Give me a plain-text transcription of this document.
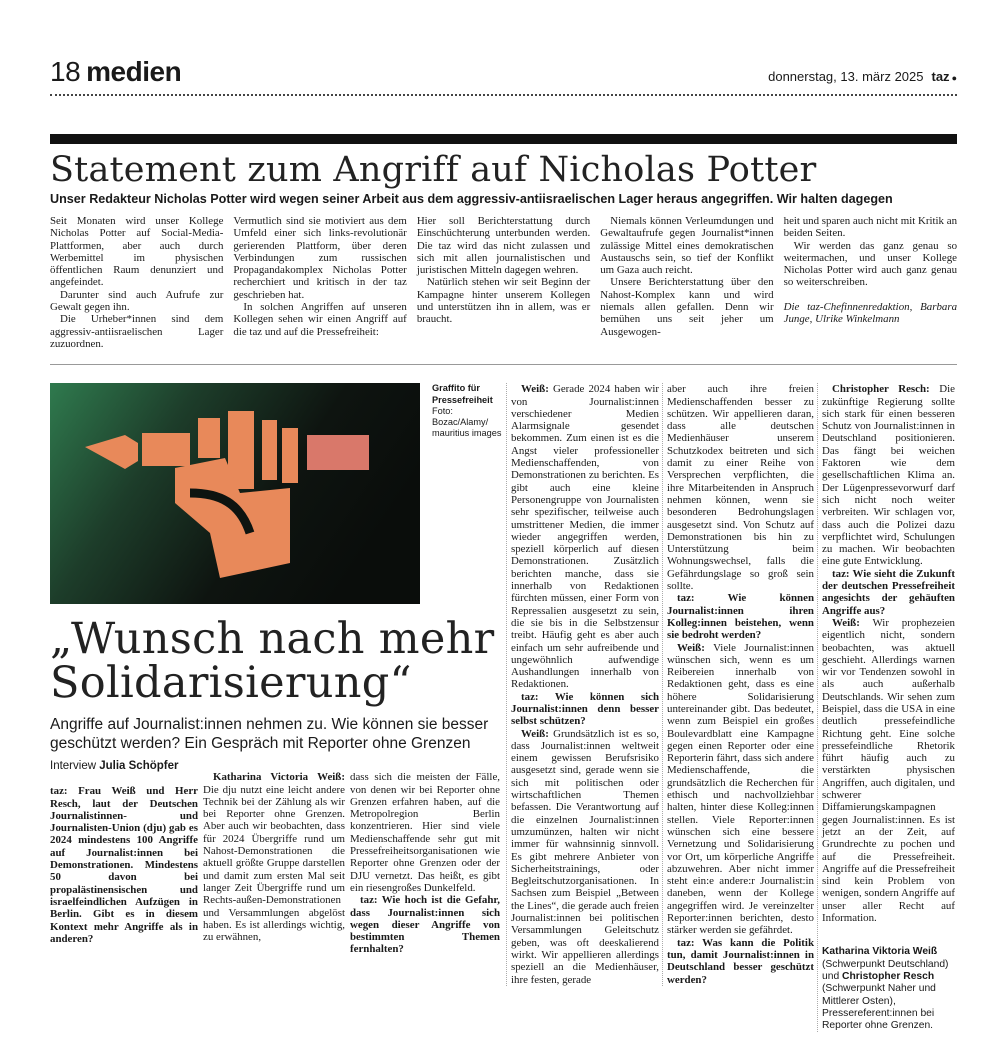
18 medien	donnerstag, 13. märz 2025 taz ●
Statement zum Angriff auf Nicholas Potter
Unser Redakteur Nicholas Potter wird wegen seiner Arbeit aus dem aggressiv-antiisraelischen Lager heraus angegriffen. Wir halten dagegen

Seit Monaten wird unser Kollege Nicholas Potter auf Social-Media-Plattformen, aber auch durch Werbemittel im physischen öffentlichen Raum denunziert und angefeindet.

Darunter sind auch Aufrufe zur Gewalt gegen ihn.

Die Urheber*innen sind dem aggressiv-antiisraelischen Lager zuzuordnen.

Vermutlich sind sie motiviert aus dem Umfeld einer sich links-revolutionär gerierenden Plattform, über deren Verbindungen zum russischen Propagandakomplex Nicholas Potter recherchiert und kritisch in der taz geschrieben hat.

In solchen Angriffen auf unseren Kollegen sehen wir einen Angriff auf die taz und auf die Pressefreiheit:

Hier soll Berichterstattung durch Einschüchterung unterbunden werden. Die taz wird das nicht zulassen und sich mit allen journalistischen und juristischen Mitteln dagegen wehren.

Natürlich stehen wir seit Beginn der Kampagne hinter unserem Kollegen und unterstützen ihn in allem, was er braucht.

Niemals können Verleumdungen und Gewaltaufrufe gegen Journalist*innen zulässige Mittel eines demokratischen Austauschs sein, so tief der Konflikt um Gaza auch reicht.

Unsere Berichterstattung über den Nahost-Komplex kann und wird niemals allen gefallen. Denn wir bemühen uns seit jeher um Ausgewogen-

heit und sparen auch nicht mit Kritik an beiden Seiten.

Wir werden das ganz genau so weitermachen, und unser Kollege Nicholas Potter wird auch ganz genau so weiterschreiben.

Die taz-Chefinnenredaktion, Barbara Junge, Ulrike Winkelmann

Graffito für Pressefreiheit
Foto: Bozac/Alamy/ mauritius images
„Wunsch nach mehr Solidarisierung“
Angriffe auf Journalist:innen nehmen zu. Wie können sie besser geschützt werden? Ein Gespräch mit Reporter ohne Grenzen
Interview Julia Schöpfer

taz: Frau Weiß und Herr Resch, laut der Deutschen Journalistinnen- und Journalisten-Union (dju) gab es 2024 mindestens 100 Angriffe auf Journalist:innen bei Demonstrationen. Mindestens 50 davon bei propalästinensischen und israelfeindlichen Aufzügen in Berlin. Gibt es in diesem Kontext mehr Angriffe als in anderen?

Katharina Victoria Weiß: Die dju nutzt eine leicht andere Technik bei der Zählung als wir bei Reporter ohne Grenzen. Aber auch wir beobachten, dass für 2024 Übergriffe rund um Nahost-Demonstrationen die aktuell größte Gruppe darstellen und damit zum ersten Mal seit langer Zeit Übergriffe rund um Rechts-außen-Demonstrationen und Versammlungen abgelöst haben. Es ist allerdings wichtig, zu erwähnen,

dass sich die meisten der Fälle, von denen wir bei Reporter ohne Grenzen erfahren haben, auf die Metropolregion Berlin konzentrieren. Hier sind viele Medienschaffende sehr gut mit Pressefreiheitsorganisationen wie Reporter ohne Grenzen oder der DJU vernetzt. Das heißt, es gibt ein riesengroßes Dunkelfeld.

taz: Wie hoch ist die Gefahr, dass Journalist:innen sich wegen dieser Angriffe von bestimmten Themen fernhalten?

Weiß: Gerade 2024 haben wir von Journalist:innen verschiedener Medien Alarmsignale gesendet bekommen. Zum einen ist es die Angst vieler professioneller Medienschaffenden, von Demonstrationen zu berichten. Es gibt auch eine kleine Personengruppe von Journalisten sehr spezifischer, teilweise auch umstrittener Medien, die immer wieder angegriffen werden, speziell körperlich auf diesen Demonstrationen. Zusätzlich berichten manche, dass sie innerhalb von Redaktionen fürchten müssen, einer Form von Repressalien ausgesetzt zu sein, die sie bis in die Selbstzensur treibt. Häufig geht es aber auch einfach um sehr aufreibende und ungewöhnlich aufwendige Aushandlungen innerhalb von Redaktionen.

taz: Wie können sich Journalist:innen denn besser selbst schützen?

Weiß: Grundsätzlich ist es so, dass Journalist:innen weltweit einem gewissen Berufsrisiko ausgesetzt sind, gerade wenn sie sich mit politischen oder wirtschaftlichen Themen befassen. Die Verantwortung auf die einzelnen Journalist:innen umzumünzen, halten wir nicht immer für wahnsinnig sinnvoll. Es gibt mehrere Anbieter von Sicherheitstrainings, oder Begleitschutzorganisationen. In Sachsen zum Beispiel „Between the Lines“, die gerade auch freien Journalist:innen bei politischen Versammlungen Geleitschutz geben, was oft deeskalierend wirkt. Wir appellieren allerdings speziell an die Medienhäuser, ihre festen, gerade

aber auch ihre freien Medienschaffenden besser zu schützen. Wir appellieren daran, dass alle deutschen Medienhäuser unserem Schutzkodex beitreten und sich damit zu einer Reihe von Versprechen verpflichten, die ihre Mitarbeitenden in Anspruch nehmen können, wenn sie besonderen Bedrohungslagen ausgesetzt sind. Von Schutz auf Demonstrationen bis hin zu Unterstützung beim Wohnungswechsel, falls die Gefährdungslage so groß sein sollte.

taz: Wie können Journalist:innen ihren Kolleg:innen beistehen, wenn sie bedroht werden?

Weiß: Viele Journalist:innen wünschen sich, wenn es um Reibereien innerhalb von Redaktionen geht, dass es eine höhere Solidarisierung untereinander gibt. Das bedeutet, wenn zum Beispiel ein großes Boulevardblatt eine Kampagne gegen einen Reporter oder eine Reporterin fährt, dass sich andere Medienschaffende, die grundsätzlich die Recherchen für ethisch und nachvollziehbar halten, hinter diese Kolleg:innen stellen. Viele Reporter:innen wünschen sich eine bessere Vernetzung und Solidarisierung vor Ort, um körperliche Angriffe abzuwehren. Aber nicht immer steht ein:e andere:r Journalist:in daneben, wenn der Kollege angegriffen wird. Je vereinzelter Reporter:innen berichten, desto stärker werden sie gefährdet.

taz: Was kann die Politik tun, damit Journalist:innen in Deutschland besser geschützt werden?

Christopher Resch: Die zukünftige Regierung sollte sich stark für einen besseren Schutz von Journalist:innen in Deutschland positionieren. Das fängt bei weichen Faktoren wie dem gesellschaftlichen Klima an. Der Lügenpressevorwurf darf sich nicht noch weiter verbreiten. Wir schlagen vor, dass auch die Polizei dazu verpflichtet wird, Schulungen zu machen. Wir beobachten eine gute Entwicklung.

taz: Wie sieht die Zukunft der deutschen Pressefreiheit angesichts der gehäuften Angriffe aus?

Weiß: Wir prophezeien eigentlich nicht, sondern beobachten, was aktuell geschieht. Allerdings warnen wir vor Tendenzen sowohl in als auch außerhalb Deutschlands. Wir sehen zum Beispiel, dass die USA in eine deutlich pressefeindliche Richtung geht. Eine solche pressefeindliche Rhetorik führt häufig auch zu verstärkten physischen Angriffen, auch digitalen, und schwerer Diffamierungskampagnen gegen Journalist:innen. Es ist jetzt an der Zeit, auf Grundrechte zu pochen und auf die Pressefreiheit. Angriffe auf die Pressefreiheit sind kein Problem von wenigen, sondern Angriffe auf unser aller Recht auf Information.

Katharina Viktoria Weiß (Schwerpunkt Deutschland) und Christopher Resch (Schwerpunkt Naher und Mittlerer Osten), Pressereferent:innen bei Reporter ohne Grenzen.
